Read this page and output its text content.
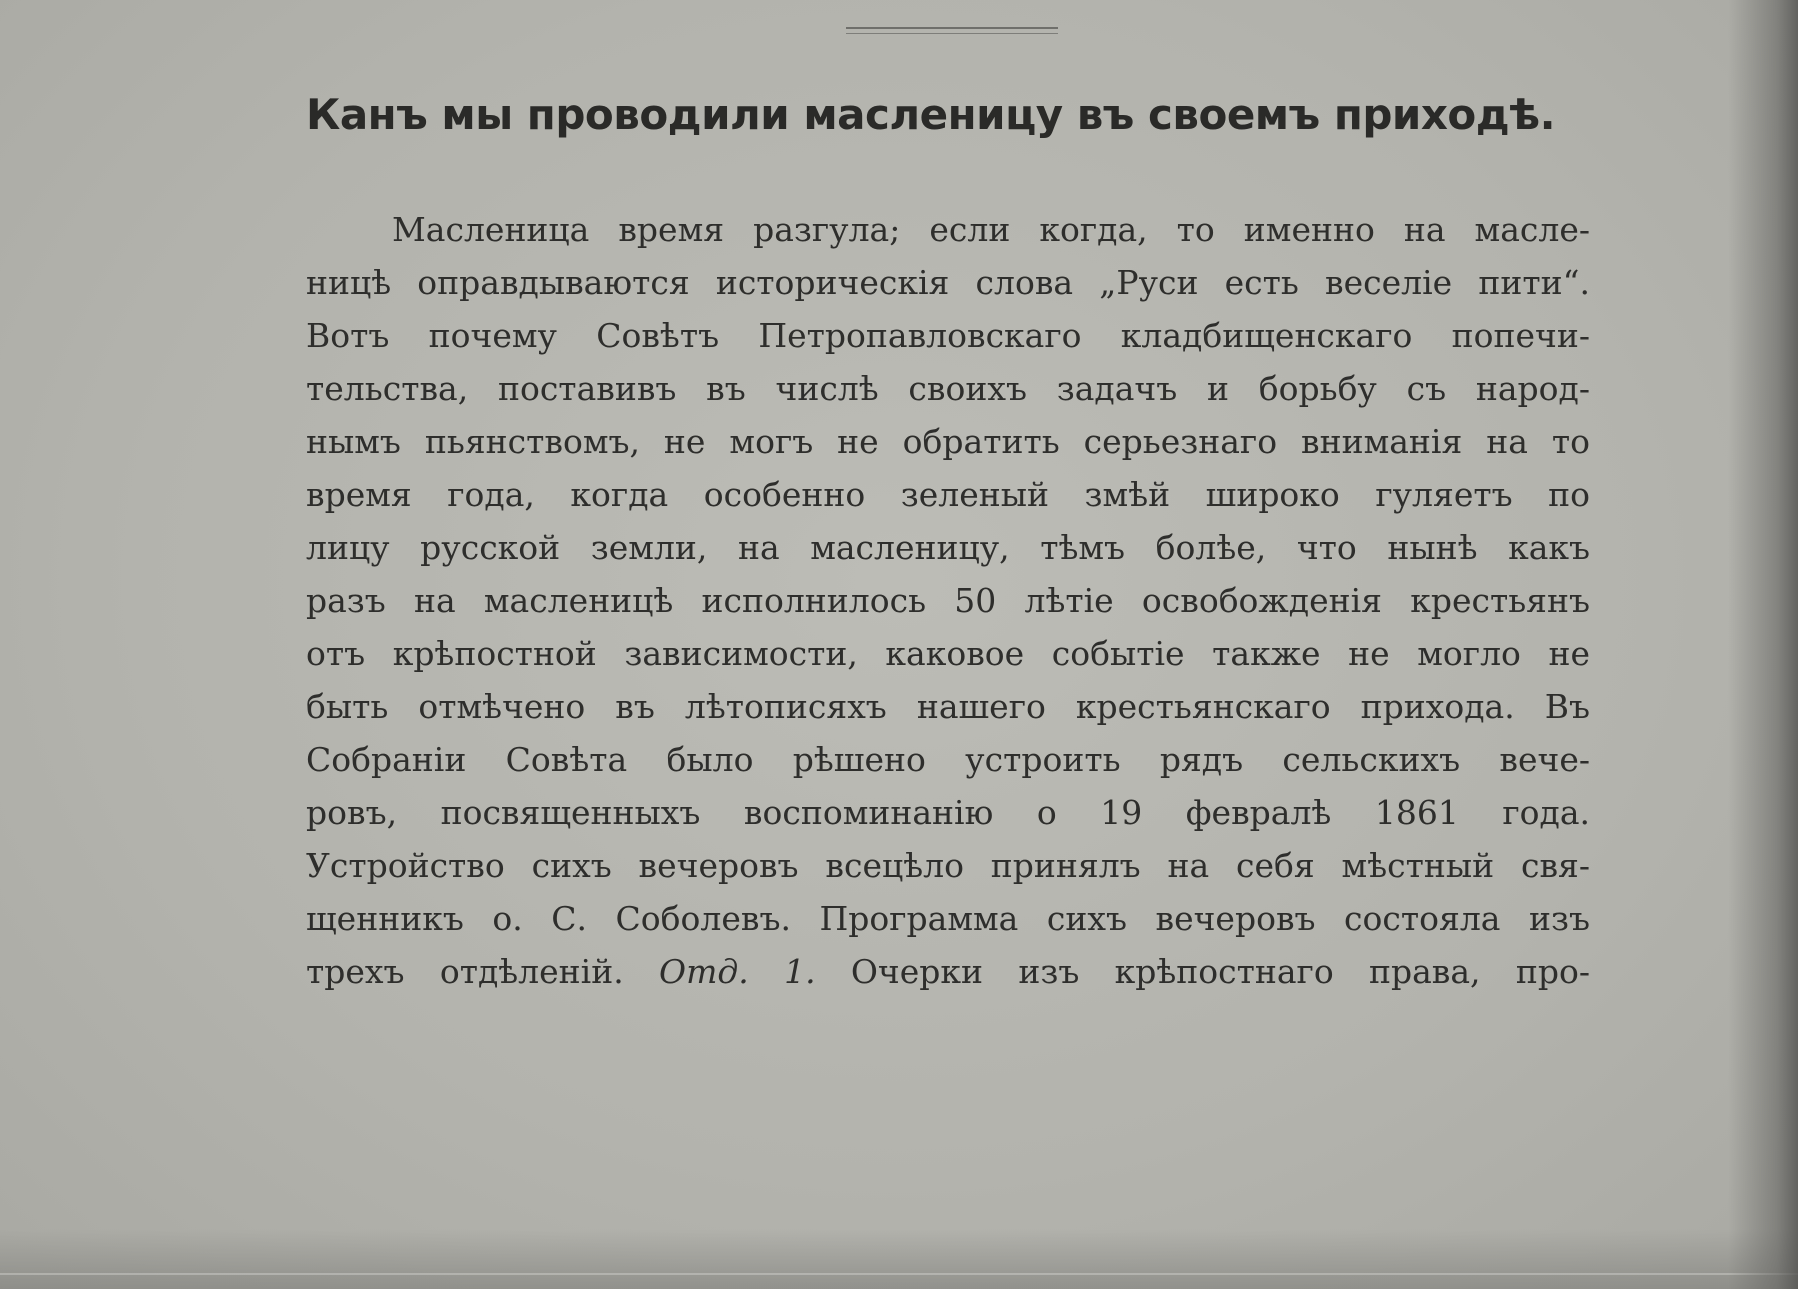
Канъ мы проводили масленицу въ своемъ приходѣ.
Масленица время разгула; если когда, то именно на масле-
ницѣ оправдываются историческія слова „Руси есть веселіе пити“.
Вотъ почему Совѣтъ Петропавловскаго кладбищенскаго попечи-
тельства, поставивъ въ числѣ своихъ задачъ и борьбу съ народ-
нымъ пьянствомъ, не могъ не обратить серьезнаго вниманія на то
время года, когда особенно зеленый змѣй широко гуляетъ по
лицу русской земли, на масленицу, тѣмъ болѣе, что нынѣ какъ
разъ на масленицѣ исполнилось 50 лѣтіе освобожденія крестьянъ
отъ крѣпостной зависимости, каковое событіе также не могло не
быть отмѣчено въ лѣтописяхъ нашего крестьянскаго прихода. Въ
Собраніи Совѣта было рѣшено устроить рядъ сельскихъ вече-
ровъ, посвященныхъ воспоминанію о 19 февралѣ 1861 года.
Устройство сихъ вечеровъ всецѣло принялъ на себя мѣстный свя-
щенникъ о. С. Соболевъ. Программа сихъ вечеровъ состояла изъ
трехъ отдѣленій. Отд. 1. Очерки изъ крѣпостнаго права, про-
